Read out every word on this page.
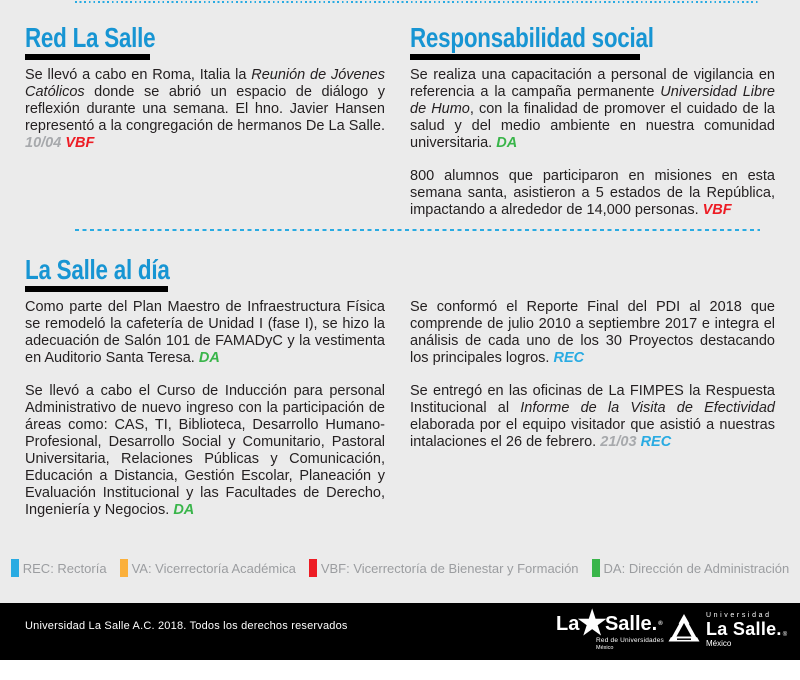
Red La Salle

Se llevó a cabo en Roma, Italia la Reunión de Jóvenes Católicos donde se abrió un espacio de diálogo y reflexión durante una semana. El hno. Javier Hansen representó a la congregación de hermanos De La Salle. 10/04 VBF

Responsabilidad social

Se realiza una capacitación a personal de vigilancia en referencia a la campaña permanente Universidad Libre de Humo, con la finalidad de promover el cuidado de la salud y del medio ambiente en nuestra comunidad universitaria. DA

800 alumnos que participaron en misiones en esta semana santa, asistieron a 5 estados de la República, impactando a alrededor de 14,000 personas. VBF

La Salle al día

Como parte del Plan Maestro de Infraestructura Física se remodeló la cafetería de Unidad I (fase I), se hizo la adecuación de Salón 101 de FAMADyC y la vestimenta en Auditorio Santa Teresa. DA

Se llevó a cabo el Curso de Inducción para personal Administrativo de nuevo ingreso con la participación de áreas como: CAS, TI, Biblioteca, Desarrollo Humano-Profesional, Desarrollo Social y Comunitario, Pastoral Universitaria, Relaciones Públicas y Comunicación, Educación a Distancia, Gestión Escolar, Planeación y Evaluación Institucional y las Facultades de Derecho, Ingeniería y Negocios. DA

Se conformó el Reporte Final del PDI al 2018 que comprende de julio 2010 a septiembre 2017 e integra el análisis de cada uno de los 30 Proyectos destacando los principales logros. REC

Se entregó en las oficinas de La FIMPES la Respuesta Institucional al Informe de la Visita de Efectividad elaborada por el equipo visitador que asistió a nuestras intalaciones el 26 de febrero. 21/03 REC

REC: Rectoría VA: Vicerrectoría Académica VBF: Vicerrectoría de Bienestar y Formación DA: Dirección de Administración
Universidad La Salle A.C. 2018. Todos los derechos reservados	La
★
Salle. ®
Red de Universidades
México
Universidad
La Salle. ®
México
